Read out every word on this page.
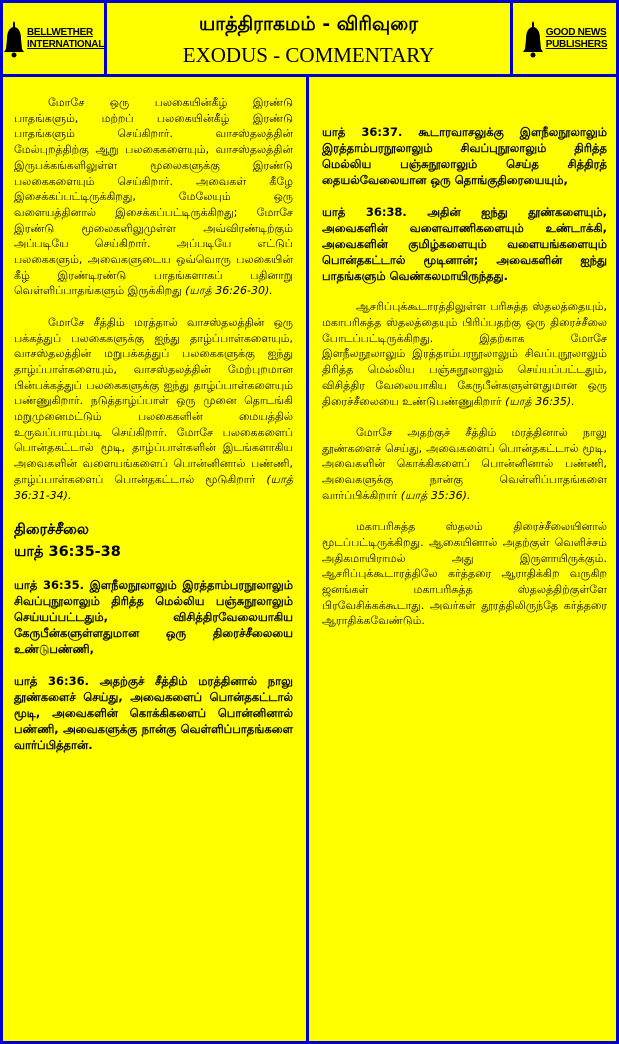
BELLWETHER
INTERNATIONAL
யாத்திராகமம் - விரிவுரை
EXODUS - COMMENTARY
GOOD NEWS
PUBLISHERS

மோசே ஒரு பலகையின்கீழ் இரண்டு பாதங்களும், மற்றப் பலகையின்கீழ் இரண்டு பாதங்களும் செய்கிறார். வாசஸ்தலத்தின் மேல்புறத்திற்கு ஆறு பலகைகளையும், வாசஸ்தலத்தின் இருபக்கங்களிலுள்ள மூலைகளுக்கு இரண்டு பலகைகளையும் செய்கிறார். அவைகள் கீழே இசைக்கப்பட்டிருக்கிறது, மேலேயும் ஒரு வளையத்தினால் இசைக்கப்பட்டிருக்கிறது; மோசே இரண்டு மூலைகளிலுமுள்ள அவ்விரண்டிற்கும் அப்படியே செய்கிறார். அப்படியே எட்டுப் பலகைகளும், அவைகளுடைய ஒவ்வொரு பலகையின் கீழ் இரண்டிரண்டு பாதங்களாகப் பதினாறு வெள்ளிப்பாதங்களும் இருக்கிறது (யாத் 36:26-30).

மோசே சீத்திம் மரத்தால் வாசஸ்தலத்தின் ஒரு பக்கத்துப் பலகைகளுக்கு ஐந்து தாழ்ப்பாள்களையும், வாசஸ்தலத்தின் மறுபக்கத்துப் பலகைகளுக்கு ஐந்து தாழ்ப்பாள்களையும், வாசஸ்தலத்தின் மேற்புறமான பின்பக்கத்துப் பலகைகளுக்கு ஐந்து தாழ்ப்பாள்களையும் பண்ணுகிறார். நடுத்தாழ்ப்பாள் ஒரு முனை தொடங்கி மறுமுனைமட்டும் பலகைகளின் மையத்தில் உருவப்பாயும்படி செய்கிறார். மோசே பலகைகளைப் பொன்தகட்டால் மூடி, தாழ்ப்பாள்களின் இடங்களாகிய அவைகளின் வளையங்களைப் பொன்னினால் பண்ணி, தாழ்ப்பாள்களைப் பொன்தகட்டால் மூடுகிறார் (யாத் 36:31-34).

திரைச்சீலை
யாத் 36:35-38

யாத் 36:35. இளநீலநூலாலும் இரத்தாம்பரநூலாலும் சிவப்புநூலாலும் திரித்த மெல்லிய பஞ்சுநூலாலும் செய்யப்பட்டதும், விசித்திரவேலையாகிய கேருபீன்களுள்ளதுமான ஒரு திரைச்சீலையை உண்டுபண்ணி,

யாத் 36:36. அதற்குச் சீத்திம் மரத்தினால் நாலு தூண்களைச் செய்து, அவைகளைப் பொன்தகட்டால் மூடி, அவைகளின் கொக்கிகளைப் பொன்னினால் பண்ணி, அவைகளுக்கு நான்கு வெள்ளிப்பாதங்களை வார்ப்பித்தான்.

யாத் 36:37. கூடாரவாசலுக்கு இளநீலநூலாலும் இரத்தாம்பரநூலாலும் சிவப்புநூலாலும் திரித்த மெல்லிய பஞ்சுநூலாலும் செய்த சித்திரத் தையல்வேலையான ஒரு தொங்குதிரையையும்,

யாத் 36:38. அதின் ஐந்து தூண்களையும், அவைகளின் வளைவாணிகளையும் உண்டாக்கி, அவைகளின் குமிழ்களையும் வளையங்களையும் பொன்தகட்டால் மூடினான்; அவைகளின் ஐந்து பாதங்களும் வெண்கலமாயிருந்தது.

ஆசரிப்புக்கூடாரத்திலுள்ள பரிசுத்த ஸ்தலத்தையும், மகாபரிசுத்த ஸ்தலத்தையும் பிரிப்பதற்கு ஒரு திரைச்சீலை போடப்பட்டிருக்கிறது. இதற்காக மோசே இளநீலநூலாலும் இரத்தாம்பரநூலாலும் சிவப்புநூலாலும் திரித்த மெல்லிய பஞ்சுநூலாலும் செய்யப்பட்டதும், விசித்திர வேலையாகிய கேருபீன்களுள்ளதுமான ஒரு திரைச்சீலையை உண்டுபண்ணுகிறார் (யாத் 36:35).

மோசே அதற்குச் சீத்திம் மரத்தினால் நாலு தூண்களைச் செய்து, அவைகளைப் பொன்தகட்டால் மூடி, அவைகளின் கொக்கிகளைப் பொன்னினால் பண்ணி, அவைகளுக்கு நான்கு வெள்ளிப்பாதங்களை வார்ப்பிக்கிறார் (யாத் 35:36).

மகாபரிசுத்த ஸ்தலம் திரைச்சீலையினால் மூடப்பட்டிருக்கிறது. ஆகையினால் அதற்குள் வெளிச்சம் அதிகமாயிராமல் அது இருளாயிருக்கும். ஆசரிப்புக்கூடாரத்திலே கர்த்தரை ஆராதிக்கிற வருகிற ஜனங்கள் மகாபரிசுத்த ஸ்தலத்திற்குள்ளே பிரவேசிக்கக்கூடாது. அவர்கள் தூரத்திலிருந்தே கர்த்தரை ஆராதிக்கவேண்டும்.
